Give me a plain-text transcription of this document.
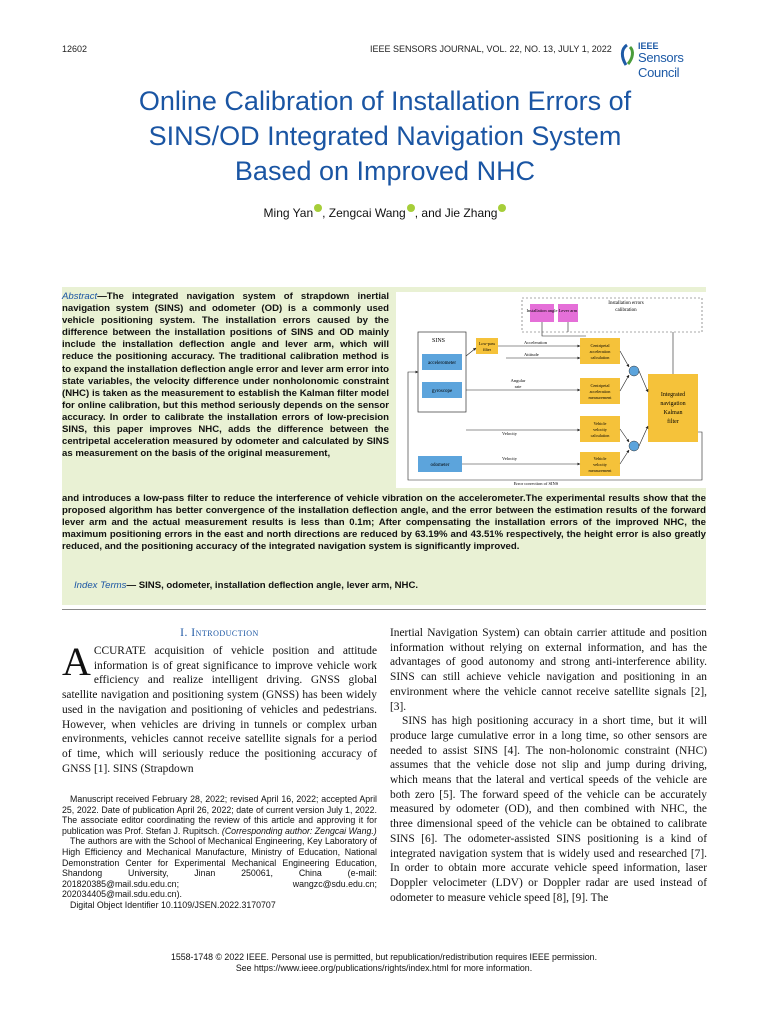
12602	IEEE SENSORS JOURNAL, VOL. 22, NO. 13, JULY 1, 2022	IEEE
Sensors Council
Online Calibration of Installation Errors of
SINS/OD Integrated Navigation System
Based on Improved NHC
Ming Yan , Zengcai Wang , and Jie Zhang
Abstract—The integrated navigation system of strapdown inertial navigation system (SINS) and odometer (OD) is a commonly used vehicle positioning system. The installation errors caused by the difference between the installation positions of SINS and OD mainly include the installation deflection angle and lever arm, which will reduce the positioning accuracy. The traditional calibration method is to expand the installation deflection angle error and lever arm error into state variables, the velocity difference under nonholonomic constraint (NHC) is taken as the measurement to establish the Kalman filter model for online calibration, but this method seriously depends on the sensor accuracy. In order to calibrate the installation errors of low-precision SINS, this paper improves NHC, adds the difference between the centripetal acceleration measured by odometer and calculated by SINS as measurement on the basis of the original measurement,
and introduces a low-pass filter to reduce the interference of vehicle vibration on the accelerometer.The experimental results show that the proposed algorithm has better convergence of the installation deflection angle, and the error between the estimation results of the forward lever arm and the actual measurement results is less than 0.1m; After compensating the installation errors of the improved NHC, the maximum positioning errors in the east and north directions are reduced by 63.19% and 43.51% respectively, the height error is also greatly reduced, and the positioning accuracy of the integrated navigation system is significantly improved.
Index Terms— SINS, odometer, installation deflection angle, lever arm, NHC.
Installation angle Lever arm
Installation errors
calibration
SINS
accelerometer
gyroscope
odometer
Low-pass
filter
Centripetal
acceleration
calculation
Centripetal
acceleration
measurement
Vehicle
velocity
calculation
Vehicle
velocity
measurement
Integrated
navigation
Kalman
filter
Acceleration
Attitude
Angular
rate
Velocity
Velocity
Error correction of SINS
I. Introduction
ACCURATE acquisition of vehicle position and attitude information is of great significance to improve vehicle work efficiency and realize intelligent driving. GNSS global satellite navigation and positioning system (GNSS) has been widely used in the navigation and positioning of vehicles and pedestrians. However, when vehicles are driving in tunnels or complex urban environments, vehicles cannot receive satellite signals for a period of time, which will seriously reduce the positioning accuracy of GNSS [1]. SINS (Strapdown
Inertial Navigation System) can obtain carrier attitude and position information without relying on external information, and has the advantages of good autonomy and strong anti-interference ability. SINS can still achieve vehicle navigation and positioning in an environment where the vehicle cannot receive satellite signals [2], [3].
SINS has high positioning accuracy in a short time, but it will produce large cumulative error in a long time, so other sensors are needed to assist SINS [4]. The non-holonomic constraint (NHC) assumes that the vehicle dose not slip and jump during driving, which means that the lateral and vertical speeds of the vehicle are both zero [5]. The forward speed of the vehicle can be accurately measured by odometer (OD), and then combined with NHC, the three dimensional speed of the vehicle can be obtained to calibrate SINS [6]. The odometer-assisted SINS positioning is a kind of integrated navigation system that is widely used and researched [7]. In order to obtain more accurate vehicle speed information, laser Doppler velocimeter (LDV) or Doppler radar are used instead of odometer to measure vehicle speed [8], [9]. The

Manuscript received February 28, 2022; revised April 16, 2022; accepted April 25, 2022. Date of publication April 26, 2022; date of current version July 1, 2022. The associate editor coordinating the review of this article and approving it for publication was Prof. Stefan J. Rupitsch. (Corresponding author: Zengcai Wang.)

The authors are with the School of Mechanical Engineering, Key Laboratory of High Efficiency and Mechanical Manufacture, Ministry of Education, National Demonstration Center for Experimental Mechanical Engineering Education, Shandong University, Jinan 250061, China (e-mail: 201820385@mail.sdu.edu.cn; wangzc@sdu.edu.cn; 202034405@mail.sdu.edu.cn).

Digital Object Identifier 10.1109/JSEN.2022.3170707

1558-1748 © 2022 IEEE. Personal use is permitted, but republication/redistribution requires IEEE permission.
See https://www.ieee.org/publications/rights/index.html for more information.
